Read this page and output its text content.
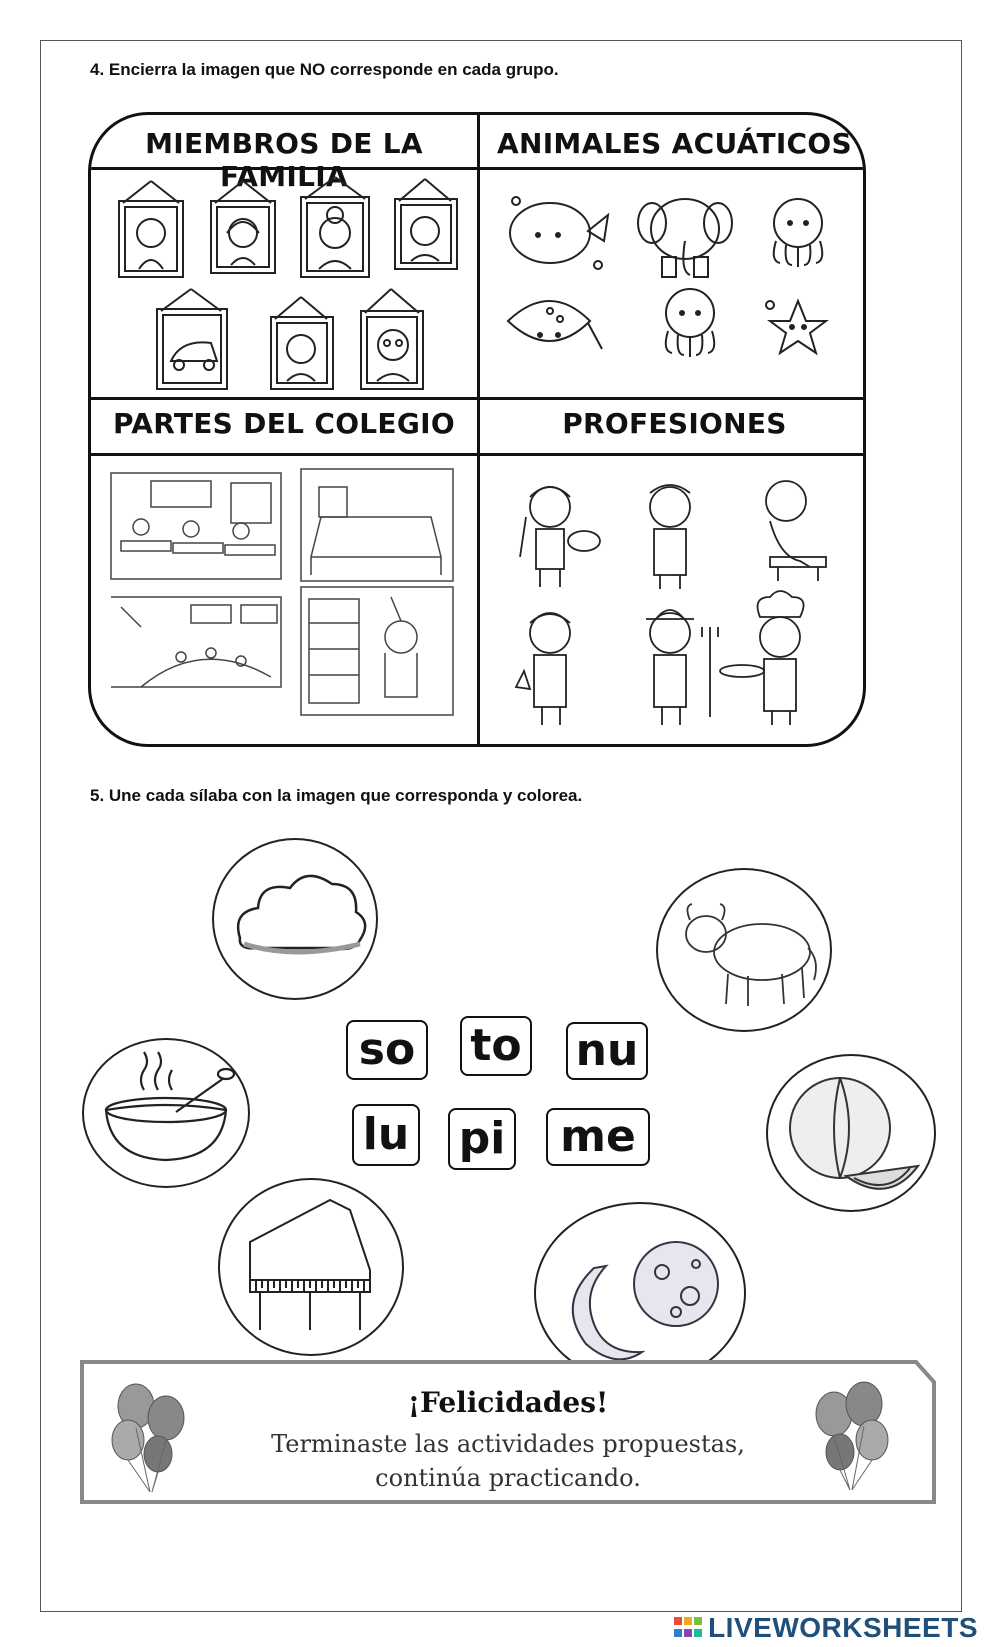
4. Encierra la imagen que NO corresponde en cada grupo.
MIEMBROS DE LA FAMILIA
ANIMALES ACUÁTICOS
PARTES DEL COLEGIO	PROFESIONES
5. Une cada sílaba con la imagen que corresponda y colorea.
so to nu
lu pi	me
¡Felicidades!
Terminaste las actividades propuestas,
continúa practicando.
LIVEWORKSHEETS
